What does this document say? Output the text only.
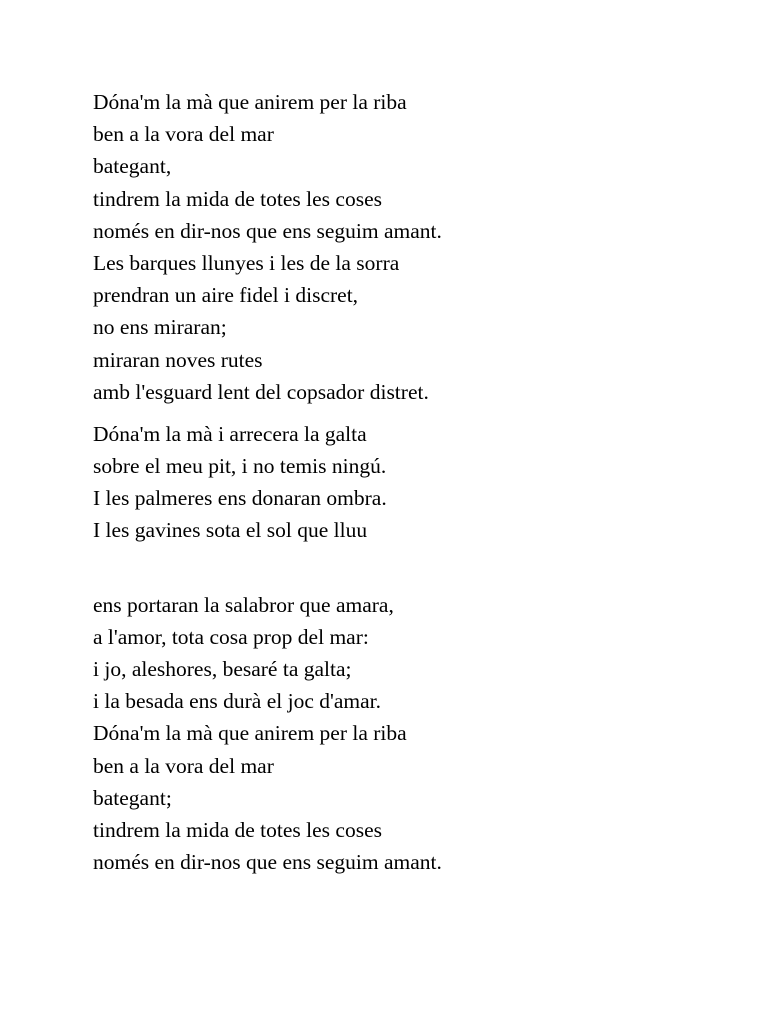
Dóna'm la mà que anirem per la riba
ben a la vora del mar
bategant,
tindrem la mida de totes les coses
només en dir-nos que ens seguim amant.
Les barques llunyes i les de la sorra
prendran un aire fidel i discret,
no ens miraran;
miraran noves rutes
amb l'esguard lent del copsador distret.
Dóna'm la mà i arrecera la galta
sobre el meu pit, i no temis ningú.
I les palmeres ens donaran ombra.
I les gavines sota el sol que lluu
ens portaran la salabror que amara,
a l'amor, tota cosa prop del mar:
i jo, aleshores, besaré ta galta;
i la besada ens durà el joc d'amar.
Dóna'm la mà que anirem per la riba
ben a la vora del mar
bategant;
tindrem la mida de totes les coses
només en dir-nos que ens seguim amant.
